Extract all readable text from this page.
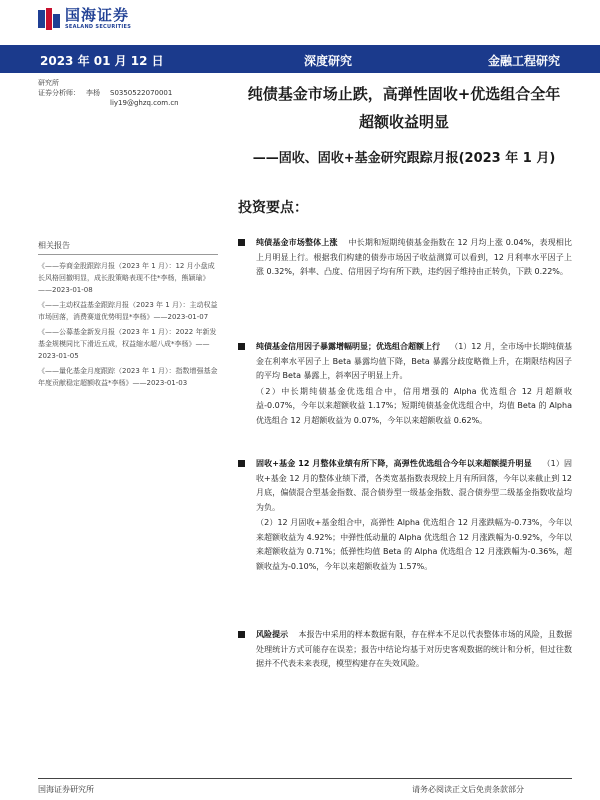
国海证券
SEALAND SECURITIES
2023 年 01 月 12 日	深度研究	金融工程研究
研究所
证券分析师： 李杨	S0350522070001
liy19@ghzq.com.cn
相关报告
《——券商金股跟踪月报（2023 年 1 月）：12 月小盘成长风格回撤明显，成长股策略表现不佳*李杨，熊颖瑜》——2023-01-08
《——主动权益基金跟踪月报（2023 年 1 月）：主动权益市场回落，消费赛道优势明显*李杨》——2023-01-07
《——公募基金新发月报（2023 年 1 月）：2022 年新发基金规模同比下滑近五成，权益缩水超八成*李杨》——2023-01-05
《——量化基金月度跟踪（2023 年 1 月）：指数增强基金年度贡献稳定超额收益*李杨》——2023-01-03
纯债基金市场止跌，高弹性固收+优选组合全年
超额收益明显
——固收、固收+基金研究跟踪月报(2023 年 1 月)
投资要点：

纯债基金市场整体上涨 中长期和短期纯债基金指数在 12 月均上涨 0.04%，表现相比上月明显上行。根据我们构建的债券市场因子收益测算可以看到，12 月利率水平因子上涨 0.32%，斜率、凸度、信用因子均有所下跌，违约因子维持由正转负，下跌 0.22%。

纯债基金信用因子暴露增幅明显；优选组合超额上行 （1）12 月，全市场中长期纯债基金在利率水平因子上 Beta 暴露均值下降，Beta 暴露分歧度略微上升，在期限结构因子的平均 Beta 暴露上，斜率因子明显上升。

（2）中长期纯债基金优选组合中，信用增强的 Alpha 优选组合 12 月超额收益-0.07%，今年以来超额收益 1.17%；短期纯债基金优选组合中，均值 Beta 的 Alpha 优选组合 12 月超额收益为 0.07%，今年以来超额收益 0.62%。

固收+基金 12 月整体业绩有所下降，高弹性优选组合今年以来超额提升明显 （1）固收+基金 12 月的整体业绩下滑，各类宽基指数表现较上月有所回落，今年以来截止到 12 月底，偏债混合型基金指数、混合债券型一级基金指数、混合债券型二级基金指数收益均为负。

（2）12 月固收+基金组合中，高弹性 Alpha 优选组合 12 月涨跌幅为-0.73%，今年以来超额收益为 4.92%；中弹性低动量的 Alpha 优选组合 12 月涨跌幅为-0.92%，今年以来超额收益为 0.71%；低弹性均值 Beta 的 Alpha 优选组合 12 月涨跌幅为-0.36%，超额收益为-0.10%，今年以来超额收益为 1.57%。

风险提示 本报告中采用的样本数据有限，存在样本不足以代表整体市场的风险，且数据处理统计方式可能存在误差；报告中结论均基于对历史客观数据的统计和分析，但过往数据并不代表未来表现，模型构建存在失效风险。

国海证券研究所	请务必阅读正文后免责条款部分
